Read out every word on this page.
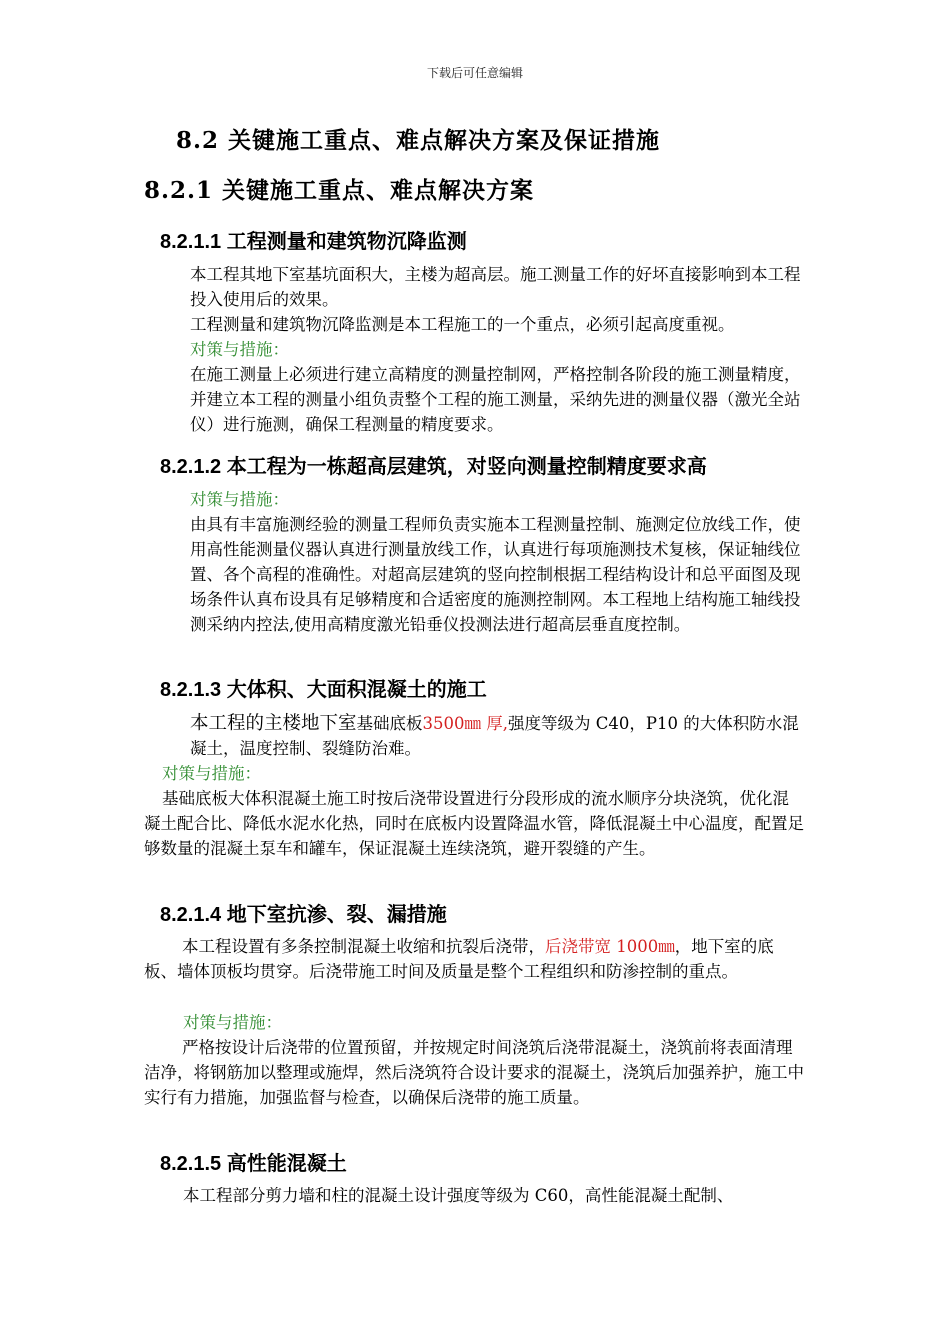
下载后可任意编辑
8.2 关键施工重点、难点解决方案及保证措施
8.2.1 关键施工重点、难点解决方案
8.2.1.1 工程测量和建筑物沉降监测

本工程其地下室基坑面积大，主楼为超高层。施工测量工作的好坏直接影响到本工程投入使用后的效果。

工程测量和建筑物沉降监测是本工程施工的一个重点，必须引起高度重视。

对策与措施：

在施工测量上必须进行建立高精度的测量控制网，严格控制各阶段的施工测量精度，并建立本工程的测量小组负责整个工程的施工测量，采纳先进的测量仪器（激光全站仪）进行施测，确保工程测量的精度要求。

8.2.1.2 本工程为一栋超高层建筑，对竖向测量控制精度要求高

对策与措施：

由具有丰富施测经验的测量工程师负责实施本工程测量控制、施测定位放线工作，使用高性能测量仪器认真进行测量放线工作，认真进行每项施测技术复核，保证轴线位置、各个高程的准确性。对超高层建筑的竖向控制根据工程结构设计和总平面图及现场条件认真布设具有足够精度和合适密度的施测控制网。本工程地上结构施工轴线投测采纳内控法,使用高精度激光铅垂仪投测法进行超高层垂直度控制。

8.2.1.3 大体积、大面积混凝土的施工

本工程的主楼地下室基础底板3500㎜ 厚,强度等级为 C40，P10 的大体积防水混凝土，温度控制、裂缝防治难。

对策与措施：

基础底板大体积混凝土施工时按后浇带设置进行分段形成的流水顺序分块浇筑，优化混凝土配合比、降低水泥水化热，同时在底板内设置降温水管，降低混凝土中心温度，配置足够数量的混凝土泵车和罐车，保证混凝土连续浇筑，避开裂缝的产生。

8.2.1.4 地下室抗渗、裂、漏措施

本工程设置有多条控制混凝土收缩和抗裂后浇带，后浇带宽 1000㎜，地下室的底板、墙体顶板均贯穿。后浇带施工时间及质量是整个工程组织和防渗控制的重点。

对策与措施：

严格按设计后浇带的位置预留，并按规定时间浇筑后浇带混凝土，浇筑前将表面清理洁净，将钢筋加以整理或施焊，然后浇筑符合设计要求的混凝土，浇筑后加强养护，施工中实行有力措施，加强监督与检查，以确保后浇带的施工质量。

8.2.1.5 高性能混凝土

本工程部分剪力墙和柱的混凝土设计强度等级为 C60，高性能混凝土配制、
